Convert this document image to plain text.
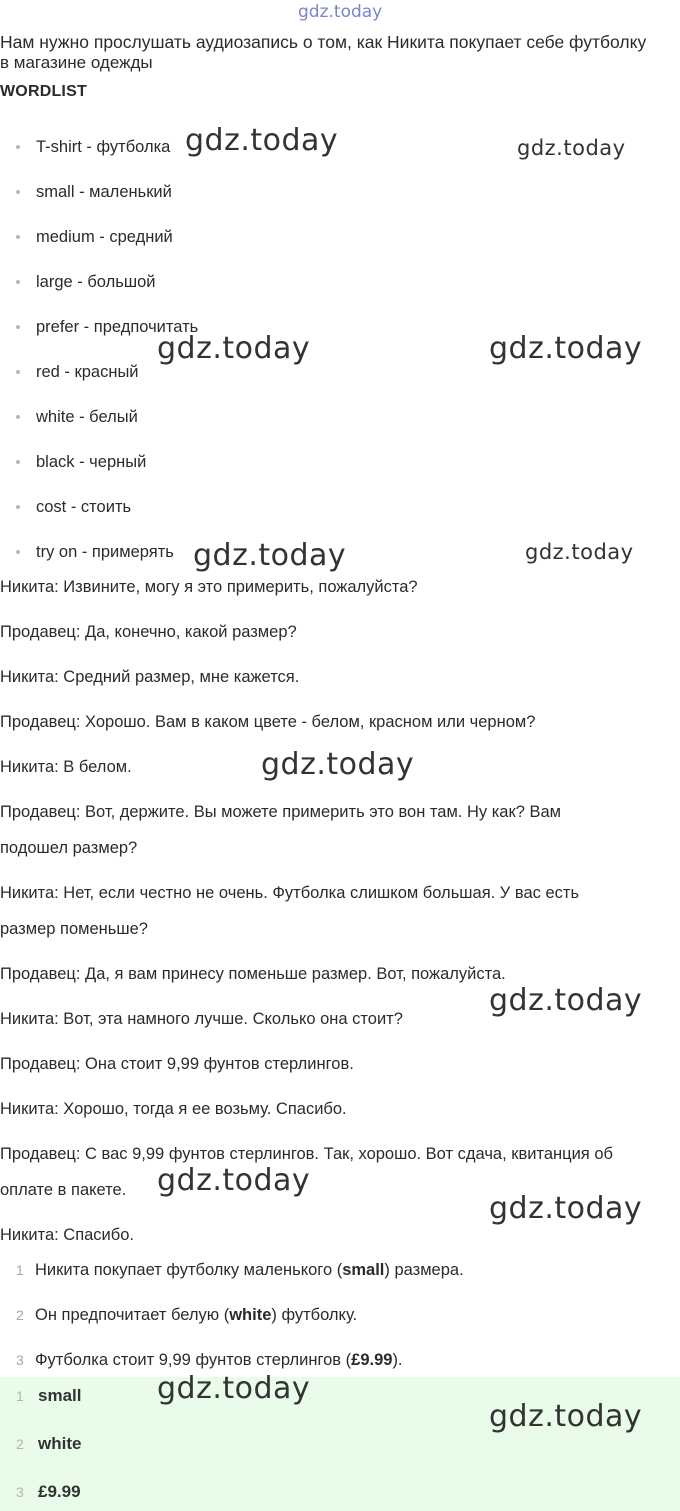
gdz.today
gdz.today	gdz.today
gdz.today	gdz.today
gdz.today	gdz.today
gdz.today
gdz.today
gdz.today
gdz.today
Нам нужно прослушать аудиозапись о том, как Никита покупает себе футболку
в магазине одежды
WORDLIST
T-shirt - футболка
small - маленький
medium - средний
large - большой
prefer - предпочитать
red - красный
white - белый
black - черный
cost - стоить
try on - примерять
Никита: Извините, могу я это примерить, пожалуйста?
Продавец: Да, конечно, какой размер?
Никита: Средний размер, мне кажется.
Продавец: Хорошо. Вам в каком цвете - белом, красном или черном?
Никита: В белом.
Продавец: Вот, держите. Вы можете примерить это вон там. Ну как? Вам
подошел размер?
Никита: Нет, если честно не очень. Футболка слишком большая. У вас есть
размер поменьше?
Продавец: Да, я вам принесу поменьше размер. Вот, пожалуйста.
Никита: Вот, эта намного лучше. Сколько она стоит?
Продавец: Она стоит 9,99 фунтов стерлингов.
Никита: Хорошо, тогда я ее возьму. Спасибо.
Продавец: С вас 9,99 фунтов стерлингов. Так, хорошо. Вот сдача, квитанция об
оплате в пакете.
Никита: Спасибо.
1 Никита покупает футболку маленького (small) размера.
2 Он предпочитает белую (white) футболку.
3 Футболка стоит 9,99 фунтов стерлингов (£9.99).
1 small
2 white
3 £9.99
gdz.today
gdz.today
